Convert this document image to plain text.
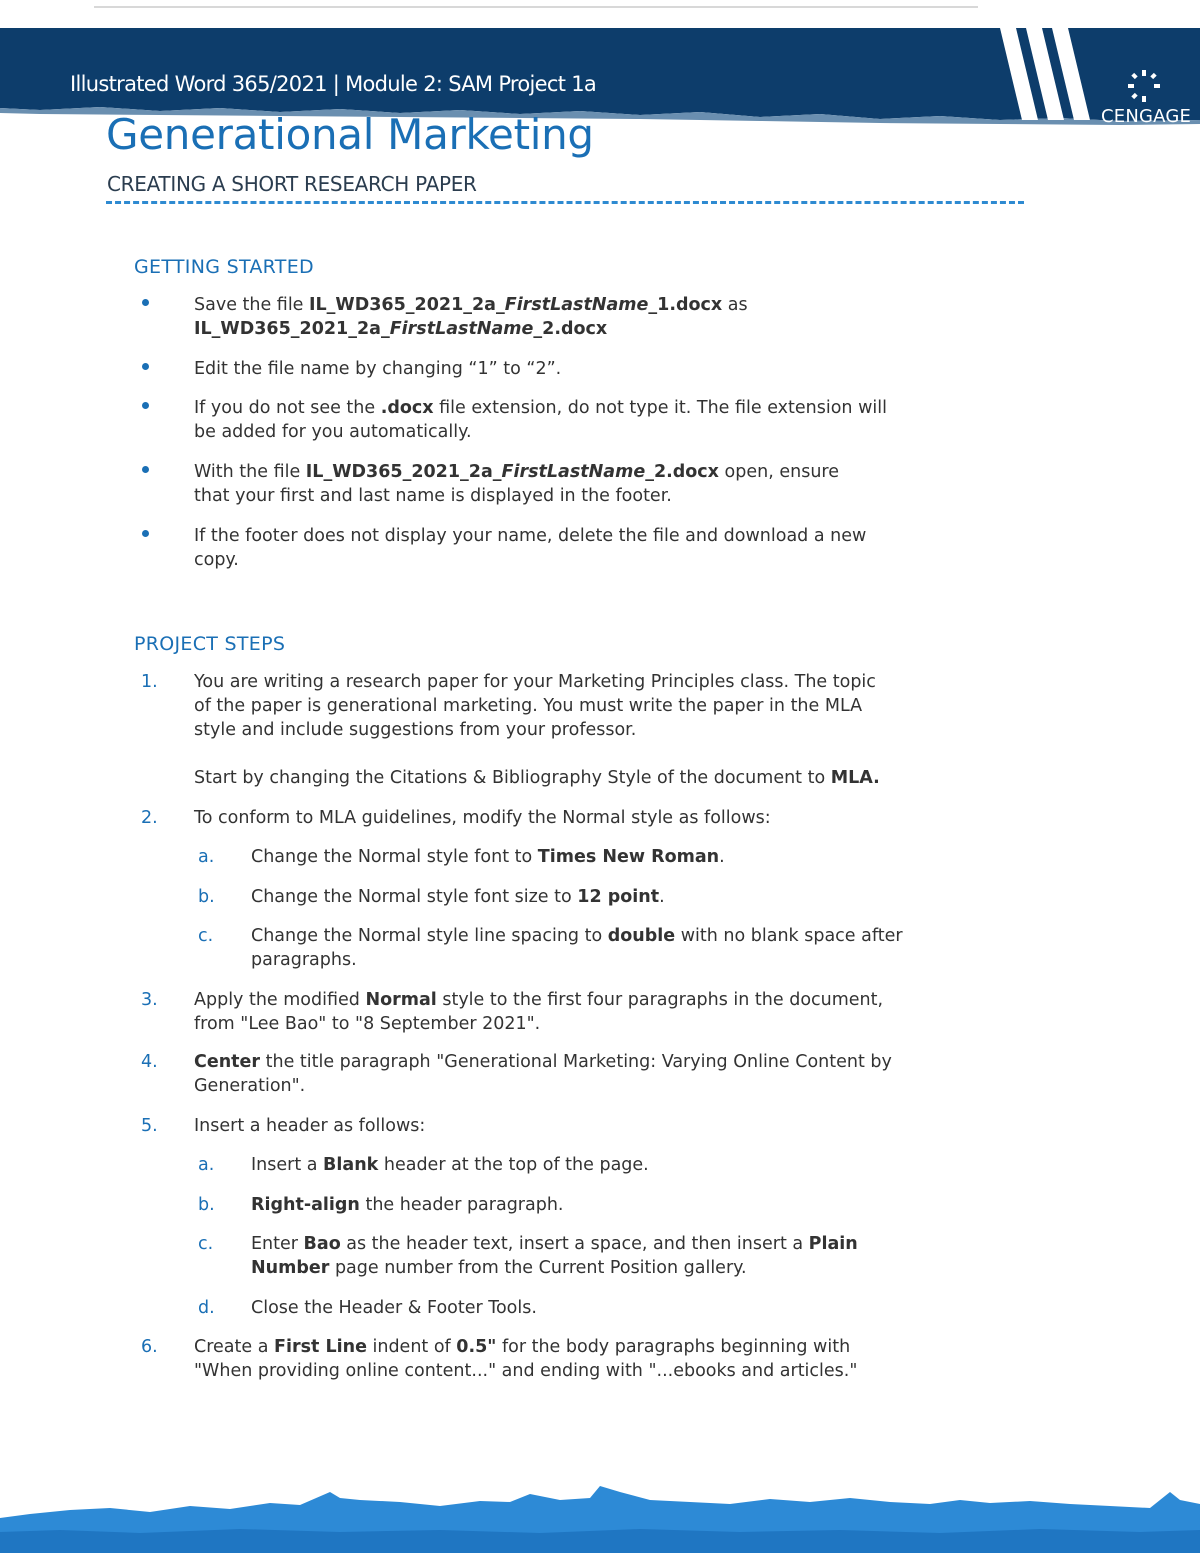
Illustrated Word 365/2021 | Module 2: SAM Project 1a
CENGAGE
Generational Marketing
CREATING A SHORT RESEARCH PAPER
GETTING STARTED
Save the file IL_WD365_2021_2a_FirstLastName_1.docx as
IL_WD365_2021_2a_FirstLastName_2.docx
Edit the file name by changing “1” to “2”.
If you do not see the .docx file extension, do not type it. The file extension will
be added for you automatically.
With the file IL_WD365_2021_2a_FirstLastName_2.docx open, ensure
that your first and last name is displayed in the footer.
If the footer does not display your name, delete the file and download a new
copy.
PROJECT STEPS
1. You are writing a research paper for your Marketing Principles class. The topic
of the paper is generational marketing. You must write the paper in the MLA
style and include suggestions from your professor.
Start by changing the Citations & Bibliography Style of the document to MLA.
2. To conform to MLA guidelines, modify the Normal style as follows:
a. Change the Normal style font to Times New Roman.
b. Change the Normal style font size to 12 point.
c. Change the Normal style line spacing to double with no blank space after
paragraphs.
3. Apply the modified Normal style to the first four paragraphs in the document,
from "Lee Bao" to "8 September 2021".
4. Center the title paragraph "Generational Marketing: Varying Online Content by
Generation".
5. Insert a header as follows:
a. Insert a Blank header at the top of the page.
b. Right-align the header paragraph.
c. Enter Bao as the header text, insert a space, and then insert a Plain
Number page number from the Current Position gallery.
d. Close the Header & Footer Tools.
6. Create a First Line indent of 0.5" for the body paragraphs beginning with
"When providing online content..." and ending with "...ebooks and articles."
